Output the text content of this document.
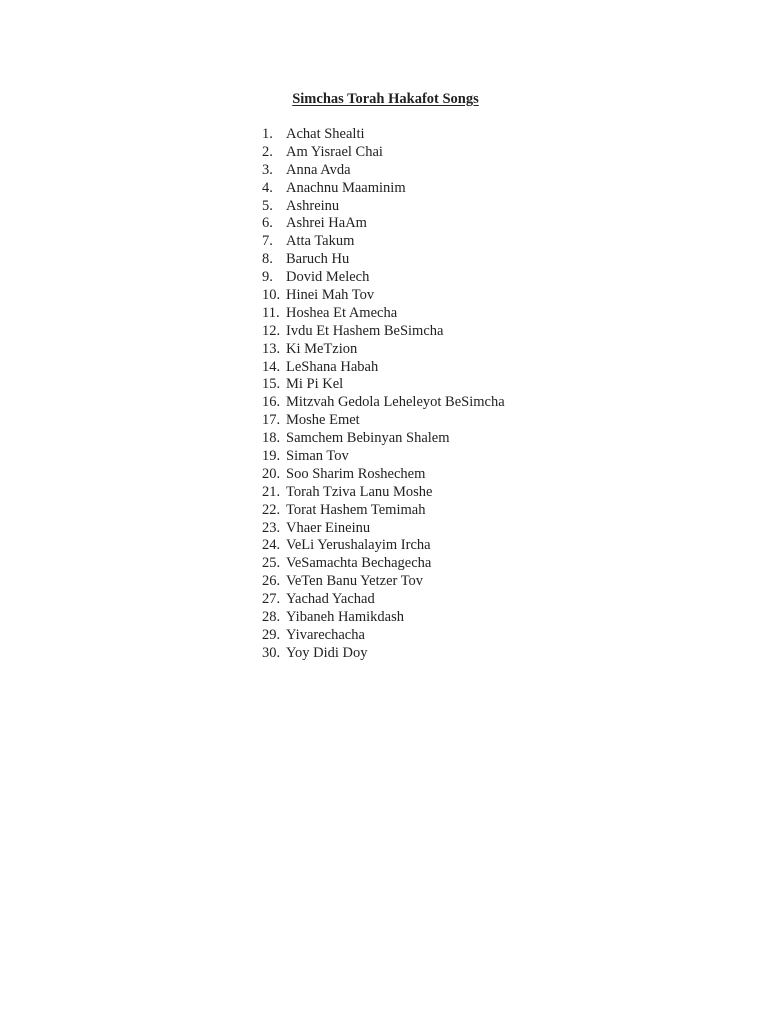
Simchas Torah Hakafot Songs
1. Achat Shealti
2. Am Yisrael Chai
3. Anna Avda
4. Anachnu Maaminim
5. Ashreinu
6. Ashrei HaAm
7. Atta Takum
8. Baruch Hu
9. Dovid Melech
10. Hinei Mah Tov
11. Hoshea Et Amecha
12. Ivdu Et Hashem BeSimcha
13. Ki MeTzion
14. LeShana Habah
15. Mi Pi Kel
16. Mitzvah Gedola Leheleyot BeSimcha
17. Moshe Emet
18. Samchem Bebinyan Shalem
19. Siman Tov
20. Soo Sharim Roshechem
21. Torah Tziva Lanu Moshe
22. Torat Hashem Temimah
23. Vhaer Eineinu
24. VeLi Yerushalayim Ircha
25. VeSamachta Bechagecha
26. VeTen Banu Yetzer Tov
27. Yachad Yachad
28. Yibaneh Hamikdash
29. Yivarechacha
30. Yoy Didi Doy
